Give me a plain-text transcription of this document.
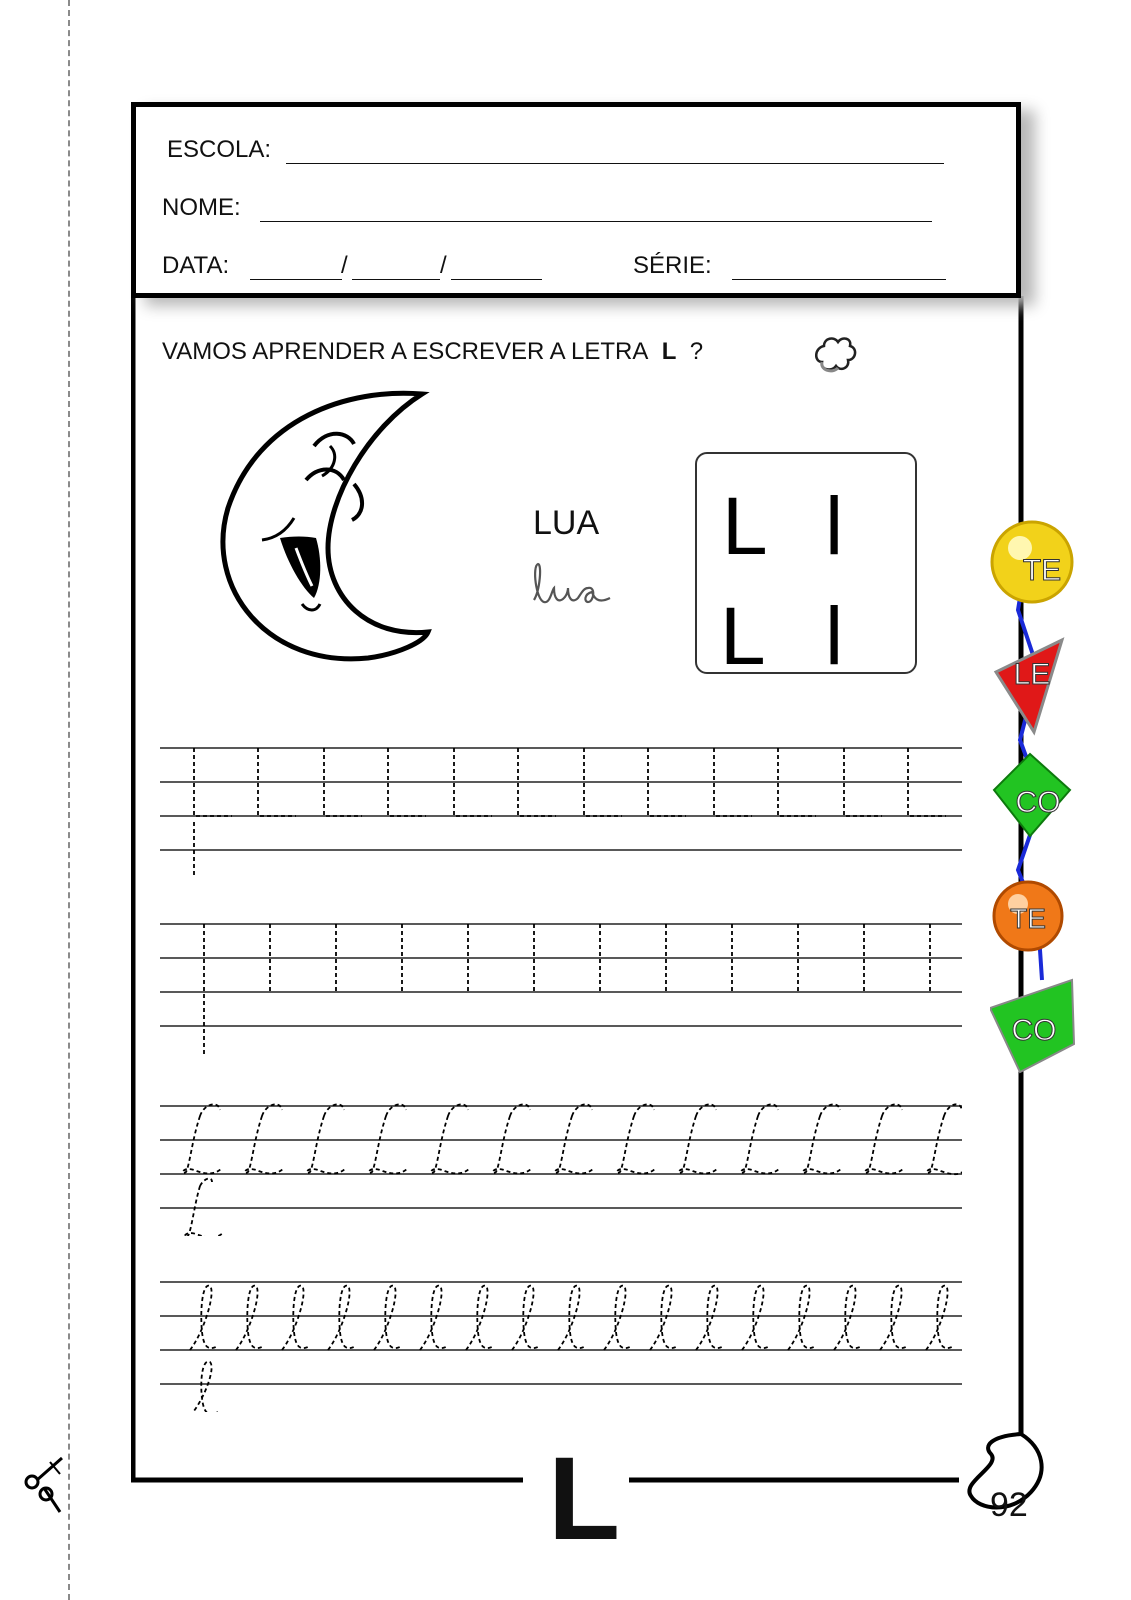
ESCOLA:
NOME:
DATA:	/	/	SÉRIE:
VAMOS APRENDER A ESCREVER A LETRA L ?
LUA
lua
L l
L l
TE
LE
CO
TE
CO
L	92
